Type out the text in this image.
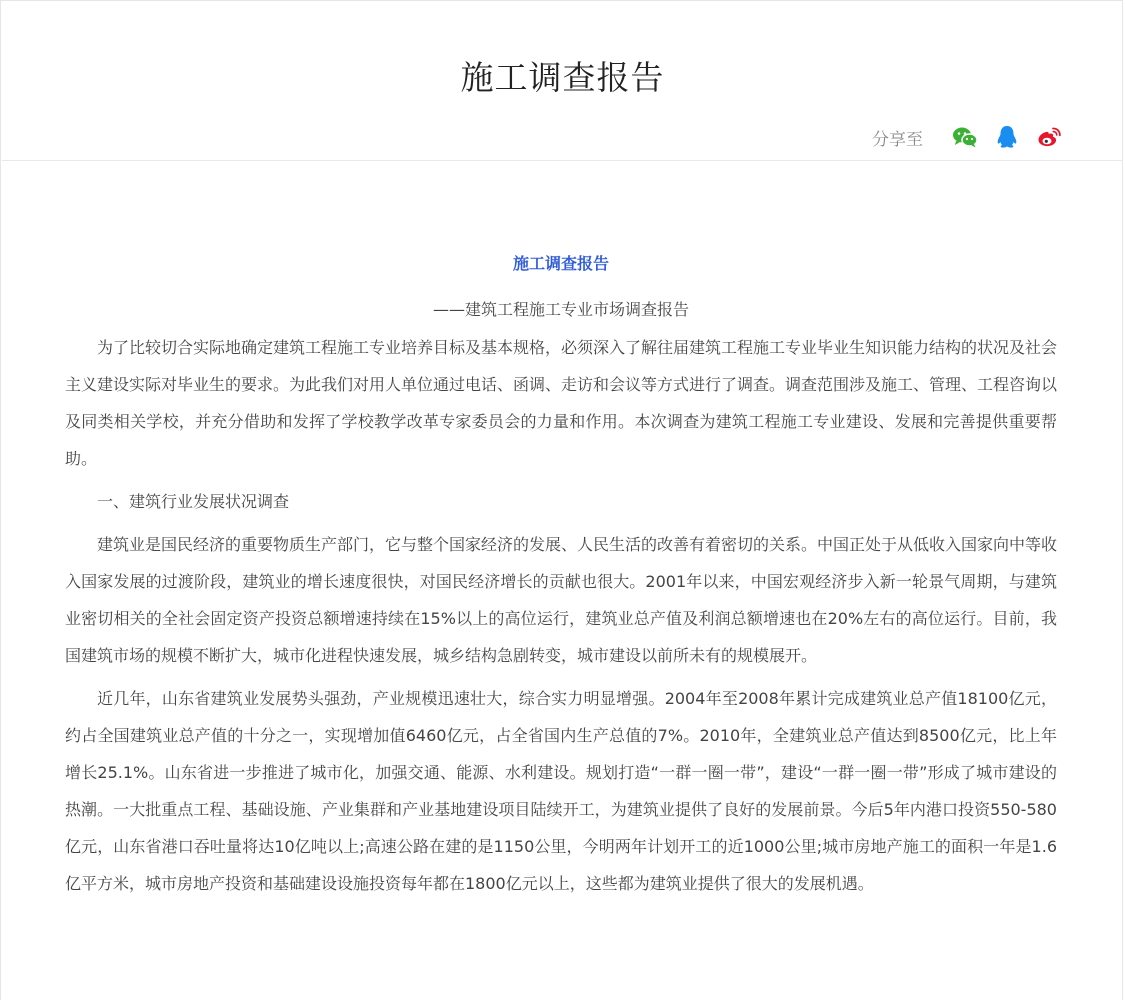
施工调查报告
分享至
施工调查报告
——建筑工程施工专业市场调查报告

为了比较切合实际地确定建筑工程施工专业培养目标及基本规格，必须深入了解往届建筑工程施工专业毕业生知识能力结构的状况及社会主义建设实际对毕业生的要求。为此我们对用人单位通过电话、函调、走访和会议等方式进行了调查。调查范围涉及施工、管理、工程咨询以及同类相关学校，并充分借助和发挥了学校教学改革专家委员会的力量和作用。本次调查为建筑工程施工专业建设、发展和完善提供重要帮助。

一、建筑行业发展状况调查

建筑业是国民经济的重要物质生产部门，它与整个国家经济的发展、人民生活的改善有着密切的关系。中国正处于从低收入国家向中等收入国家发展的过渡阶段，建筑业的增长速度很快，对国民经济增长的贡献也很大。2001年以来，中国宏观经济步入新一轮景气周期，与建筑业密切相关的全社会固定资产投资总额增速持续在15%以上的高位运行，建筑业总产值及利润总额增速也在20%左右的高位运行。目前，我国建筑市场的规模不断扩大，城市化进程快速发展，城乡结构急剧转变，城市建设以前所未有的规模展开。

近几年，山东省建筑业发展势头强劲，产业规模迅速壮大，综合实力明显增强。2004年至2008年累计完成建筑业总产值18100亿元，约占全国建筑业总产值的十分之一，实现增加值6460亿元，占全省国内生产总值的7%。2010年，全建筑业总产值达到8500亿元，比上年增长25.1%。山东省进一步推进了城市化，加强交通、能源、水利建设。规划打造“一群一圈一带”，建设“一群一圈一带”形成了城市建设的热潮。一大批重点工程、基础设施、产业集群和产业基地建设项目陆续开工，为建筑业提供了良好的发展前景。今后5年内港口投资550-580亿元，山东省港口吞吐量将达10亿吨以上;高速公路在建的是1150公里，今明两年计划开工的近1000公里;城市房地产施工的面积一年是1.6亿平方米，城市房地产投资和基础建设设施投资每年都在1800亿元以上，这些都为建筑业提供了很大的发展机遇。
